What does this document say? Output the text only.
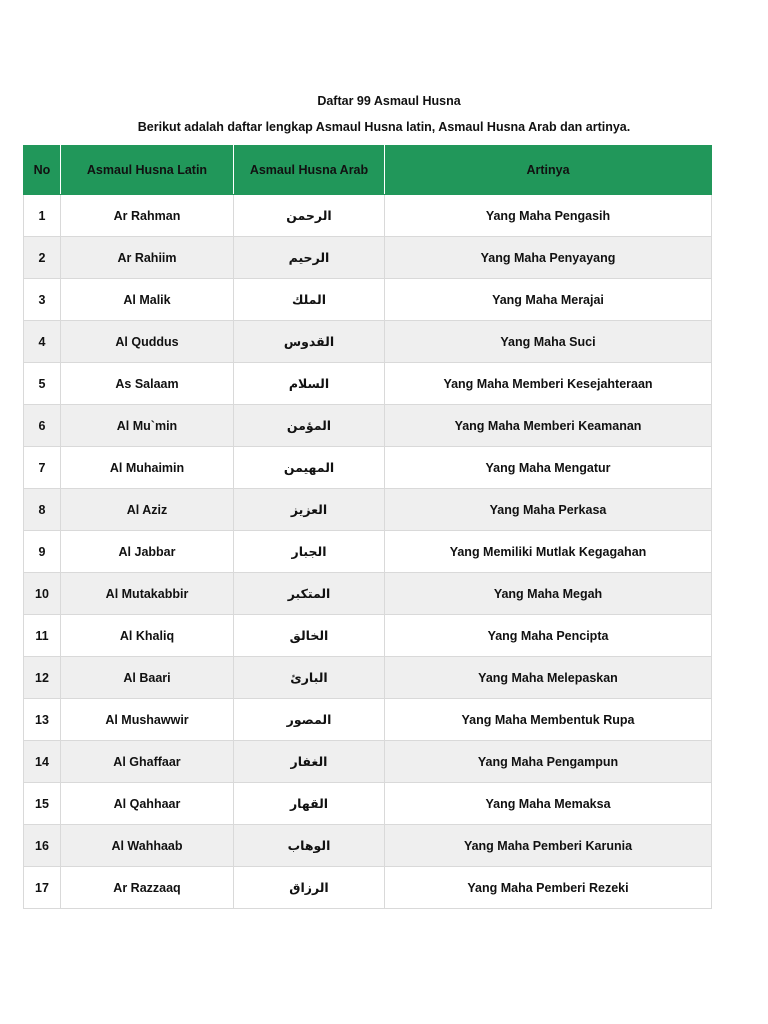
Daftar 99 Asmaul Husna
Berikut adalah daftar lengkap Asmaul Husna latin, Asmaul Husna Arab dan artinya.
No	Asmaul Husna Latin	Asmaul Husna Arab	Artinya
1	Ar Rahman	الرحمن	Yang Maha Pengasih
2	Ar Rahiim	الرحيم	Yang Maha Penyayang
3	Al Malik	الملك	Yang Maha Merajai
4	Al Quddus	القدوس	Yang Maha Suci
5	As Salaam	السلام	Yang Maha Memberi Kesejahteraan
6	Al Mu`min	المؤمن	Yang Maha Memberi Keamanan
7	Al Muhaimin	المهيمن	Yang Maha Mengatur
8	Al Aziz	العزيز	Yang Maha Perkasa
9	Al Jabbar	الجبار	Yang Memiliki Mutlak Kegagahan
10	Al Mutakabbir	المتكبر	Yang Maha Megah
11	Al Khaliq	الخالق	Yang Maha Pencipta
12	Al Baari	البارئ	Yang Maha Melepaskan
13	Al Mushawwir	المصور	Yang Maha Membentuk Rupa
14	Al Ghaffaar	الغفار	Yang Maha Pengampun
15	Al Qahhaar	القهار	Yang Maha Memaksa
16	Al Wahhaab	الوهاب	Yang Maha Pemberi Karunia
17	Ar Razzaaq	الرزاق	Yang Maha Pemberi Rezeki
